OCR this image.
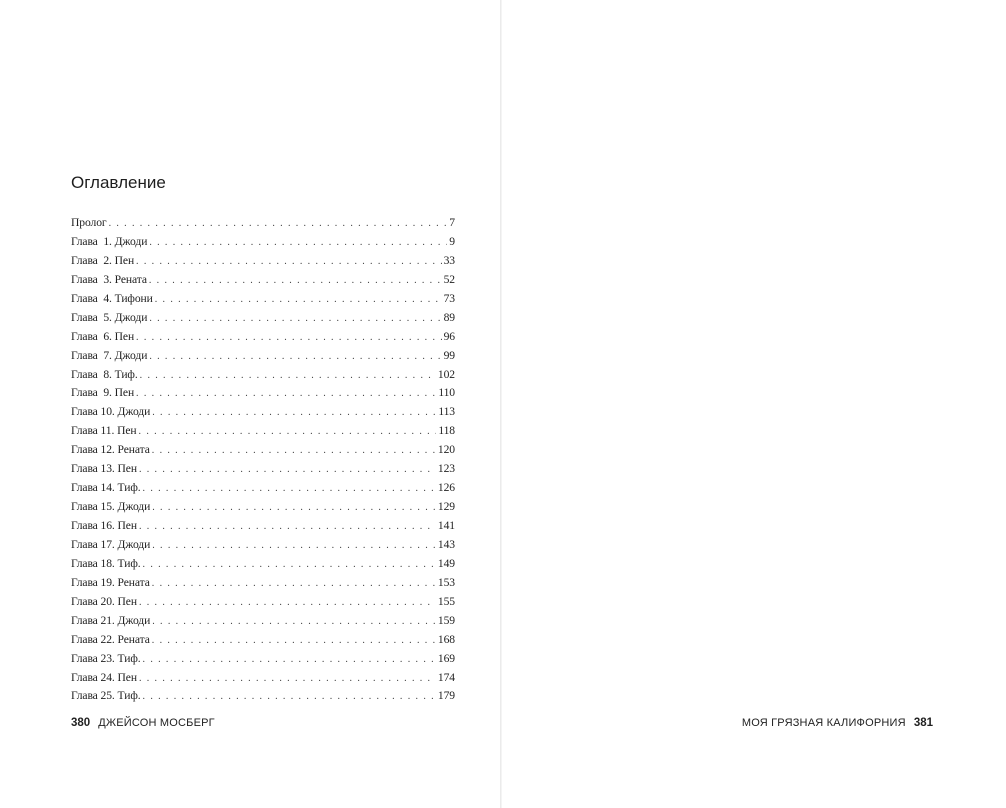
Оглавление
Пролог . . .	7
Глава  1. Джоди . . .	9
Глава  2. Пен . . .	33
Глава  3. Рената . . .	52
Глава  4. Тифони . . .	73
Глава  5. Джоди . . .	89
Глава  6. Пен . . .	96
Глава  7. Джоди . . .	99
Глава  8. Тиф. . . .	102
Глава  9. Пен . . .	110
Глава 10. Джоди . . .	113
Глава 11. Пен . . .	118
Глава 12. Рената . . .	120
Глава 13. Пен . . .	123
Глава 14. Тиф. . . .	126
Глава 15. Джоди . . .	129
Глава 16. Пен . . .	141
Глава 17. Джоди . . .	143
Глава 18. Тиф. . . .	149
Глава 19. Рената . . .	153
Глава 20. Пен . . .	155
Глава 21. Джоди . . .	159
Глава 22. Рената . . .	168
Глава 23. Тиф. . . .	169
Глава 24. Пен . . .	174
Глава 25. Тиф. . . .	179
380 ДЖЕЙСОН МОСБЕРГ	МОЯ ГРЯЗНАЯ КАЛИФОРНИЯ 381
